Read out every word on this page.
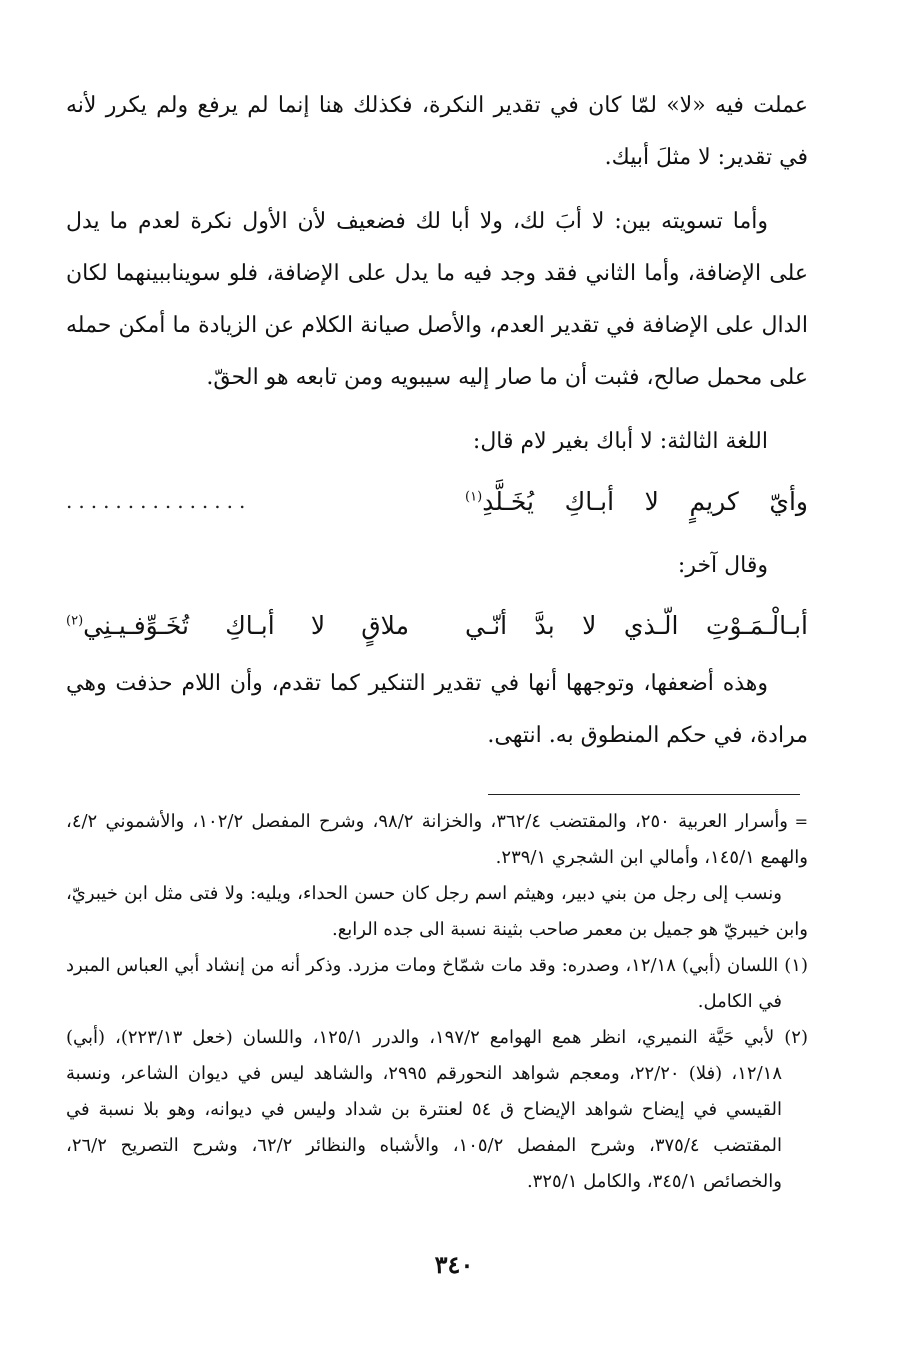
عملت فيه «لا» لمّا كان في تقدير النكرة، فكذلك هنا إنما لم يرفع ولم يكرر لأنه في تقدير: لا مثلَ أبيك.

وأما تسويته بين: لا أبَ لك، ولا أبا لك فضعيف لأن الأول نكرة لعدم ما يدل على الإضافة، وأما الثاني فقد وجد فيه ما يدل على الإضافة، فلو سويناببينهما لكان الدال على الإضافة في تقدير العدم، والأصل صيانة الكلام عن الزيادة ما أمكن حمله على محمل صالح، فثبت أن ما صار إليه سيبويه ومن تابعه هو الحقّ.

اللغة الثالثة: لا أباك بغير لام قال:

وأيّ
كريمٍ
لا
أبـاكِ
يُخَـلَّدِ$^{(١)}$
...............

وقال آخر:

أبـالْـمَـوْتِ
الّـذي
لا
بدَّ
أنّـي
ملاقٍ
لا
أبـاكِ
تُخَـوِّفـيـنِي$^{(٢)}$

وهذه أضعفها، وتوجهها أنها في تقدير التنكير كما تقدم، وأن اللام حذفت وهي مرادة، في حكم المنطوق به. انتهى.

=وأسرار العربية ٢٥٠، والمقتضب ٣٦٢/٤، والخزانة ٩٨/٢، وشرح المفصل ١٠٢/٢، والأشموني ٤/٢، والهمع ١٤٥/١، وأمالي ابن الشجري ٢٣٩/١.

ونسب إلى رجل من بني دبير، وهيثم اسم رجل كان حسن الحداء، ويليه: ولا فتى مثل ابن خيبريّ، وابن خيبريّ هو جميل بن معمر صاحب بثينة نسبة الى جده الرابع.

(١) اللسان (أبي) ١٢/١٨، وصدره: وقد مات شمّاخ ومات مزرد. وذكر أنه من إنشاد أبي العباس المبرد في الكامل.

(٢) لأبي حَيَّة النميري، انظر همع الهوامع ١٩٧/٢، والدرر ١٢٥/١، واللسان (خعل ٢٢٣/١٣)، (أبي) ١٢/١٨، (فلا) ٢٢/٢٠، ومعجم شواهد النحورقم ٢٩٩٥، والشاهد ليس في ديوان الشاعر، ونسبة القيسي في إيضاح شواهد الإيضاح ق ٥٤ لعنترة بن شداد وليس في ديوانه، وهو بلا نسبة في المقتضب ٣٧٥/٤، وشرح المفصل ١٠٥/٢، والأشباه والنظائر ٦٢/٢، وشرح التصريح ٢٦/٢، والخصائص ٣٤٥/١، والكامل ٣٢٥/١.

٣٤٠
